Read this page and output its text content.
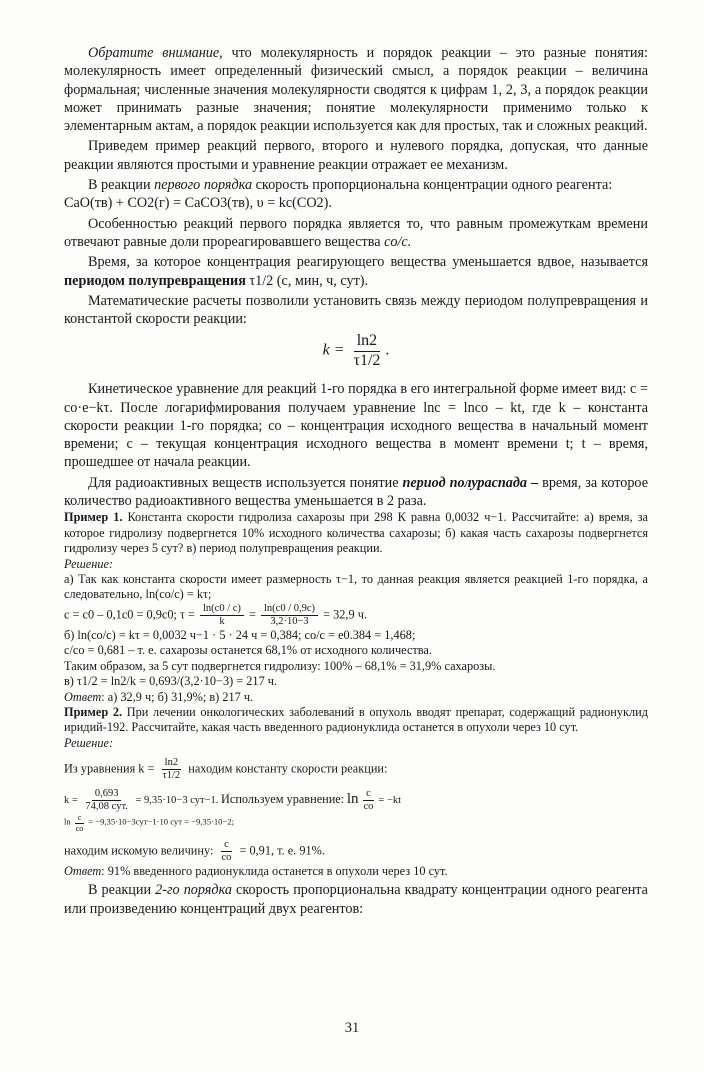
Обратите внимание, что молекулярность и порядок реакции – это разные понятия: молекулярность имеет определенный физический смысл, а порядок реакции – величина формальная; численные значения молекулярности сводятся к цифрам 1, 2, 3, а порядок реакции может принимать разные значения; понятие молекулярности применимо только к элементарным актам, а порядок реакции используется как для простых, так и сложных реакций.

Приведем пример реакций первого, второго и нулевого порядка, допуская, что данные реакции являются простыми и уравнение реакции отражает ее механизм.

В реакции первого порядка скорость пропорциональна концентрации одного реагента:

CaO(тв) + CO2(г) = CaCO3(тв), υ = kc(CO2).

Особенностью реакций первого порядка является то, что равным промежуткам времени отвечают равные доли прореагировавшего вещества co/c.

Время, за которое концентрация реагирующего вещества уменьшается вдвое, называется периодом полупревращения τ1/2 (с, мин, ч, сут).

Математические расчеты позволили установить связь между периодом полупревращения и константой скорости реакции:

$k = \frac{\ln 2}{\tau 1/2}$ .

Кинетическое уравнение для реакций 1-го порядка в его интегральной форме имеет вид: c = co·e−kτ. После логарифмирования получаем уравнение lnc = lnco – kt, где k – константа скорости реакции 1-го порядка; co – концентрация исходного вещества в начальный момент времени; c – текущая концентрация исходного вещества в момент времени t; t – время, прошедшее от начала реакции.

Для радиоактивных веществ используется понятие период полураспада – время, за которое количество радиоактивного вещества уменьшается в 2 раза.

Пример 1. Константа скорости гидролиза сахарозы при 298 К равна 0,0032 ч−1. Рассчитайте: а) время, за которое гидролизу подвергнется 10% исходного количества сахарозы; б) какая часть сахарозы подвергнется гидролизу через 5 сут? в) период полупревращения реакции.

Решение:

а) Так как константа скорости имеет размерность τ−1, то данная реакция является реакцией 1-го порядка, а следовательно, ln(co/c) = kτ;

c = c0 – 0,1c0 = 0,9c0; $\tau = \frac{\ln(c0 / c)}{k} = \frac{\ln(c0 / 0,9c)}{3,2\cdot 10-3} = 32,9$ ч.

б) ln(co/c) = kτ = 0,0032 ч−1 · 5 · 24 ч = 0,384; co/c = e0.384 = 1,468;

c/co = 0,681 – т. е. сахарозы останется 68,1% от исходного количества.

Таким образом, за 5 сут подвергнется гидролизу: 100% – 68,1% = 31,9% сахарозы.

в) τ1/2 = ln2/k = 0,693/(3,2·10−3) = 217 ч.

Ответ: а) 32,9 ч; б) 31,9%; в) 217 ч.

Пример 2. При лечении онкологических заболеваний в опухоль вводят препарат, содержащий радионуклид иридий-192. Рассчитайте, какая часть введенного радионуклида останется в опухоли через 10 сут.

Решение:

Из уравнения $k = \frac{\ln 2}{\tau 1/2}$ находим константу скорости реакции:

$k = \frac{0,693}{\text{74,08 сут.}} = 9,35\cdot 10-3$ сут−1. Используем уравнение: $\ln \frac{c}{co} = -kt$

$\ln \frac{c}{co} = -9,35\cdot 10-3сут-1\cdot 10$ сут = −9,35·10−2;

находим искомую величину: $\frac{c}{co} = 0,91$, т. е. 91%.

Ответ: 91% введенного радионуклида останется в опухоли через 10 сут.

В реакции 2-го порядка скорость пропорциональна квадрату концентрации одного реагента или произведению концентраций двух реагентов:

31
